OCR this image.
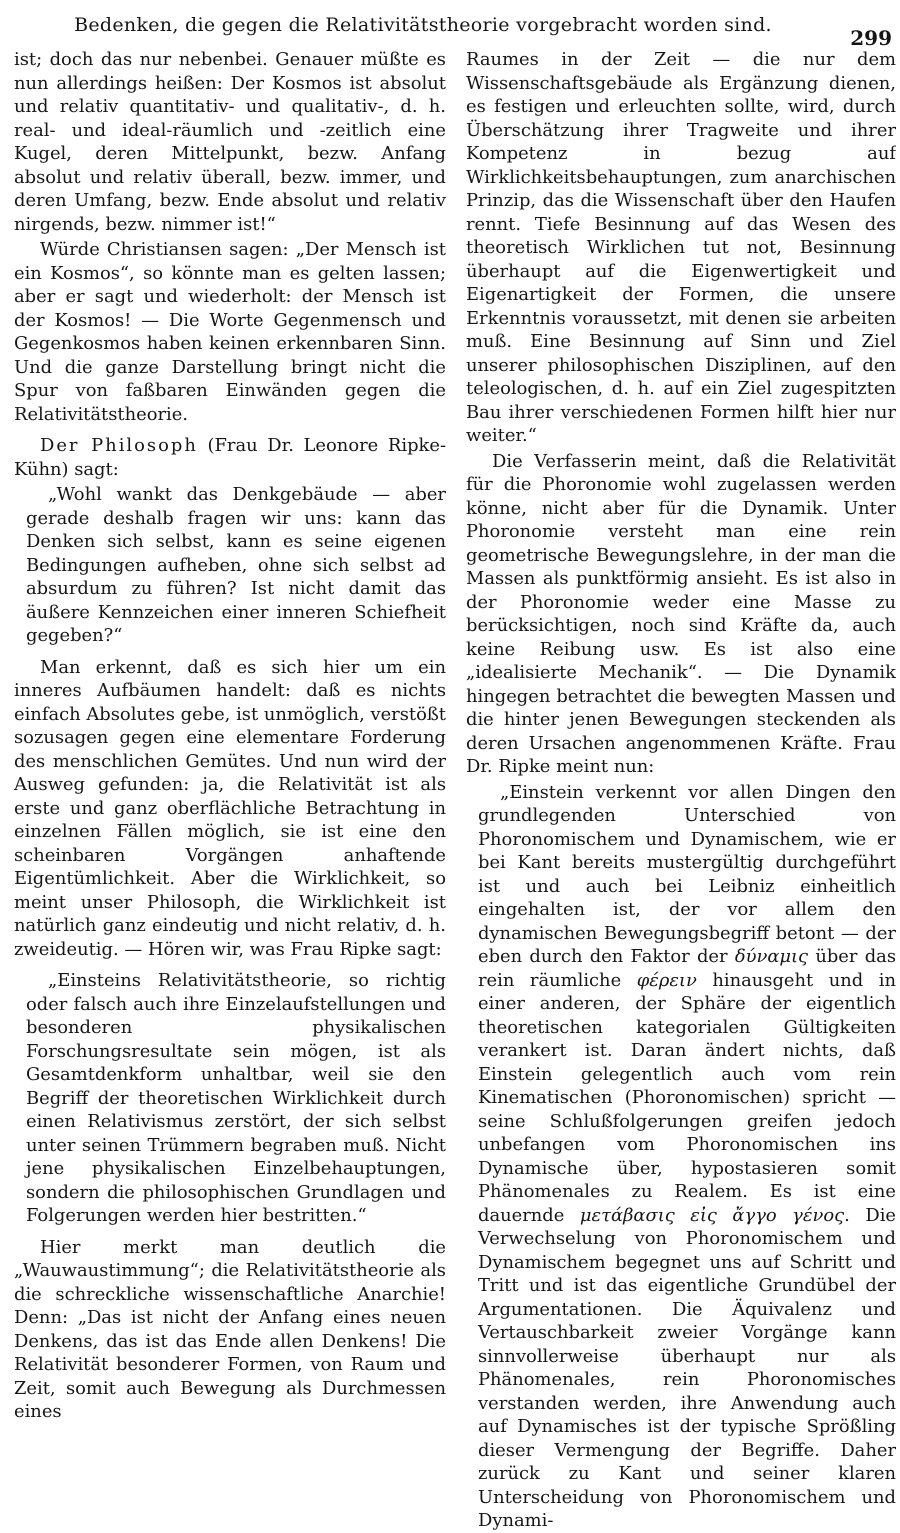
Bedenken, die gegen die Relativitätstheorie vorgebracht worden sind.
299

ist; doch das nur nebenbei. Genauer müßte es nun allerdings heißen: Der Kosmos ist absolut und relativ quantitativ- und qualitativ-, d. h. real- und ideal-räumlich und -zeitlich eine Kugel, deren Mittelpunkt, bezw. Anfang absolut und relativ überall, bezw. immer, und deren Umfang, bezw. Ende absolut und relativ nirgends, bezw. nimmer ist!“

Würde Christiansen sagen: „Der Mensch ist ein Kosmos“, so könnte man es gelten lassen; aber er sagt und wiederholt: der Mensch ist der Kosmos! — Die Worte Gegenmensch und Gegenkosmos haben keinen erkennbaren Sinn. Und die ganze Darstellung bringt nicht die Spur von faßbaren Einwänden gegen die Relativitätstheorie.

Der Philosoph (Frau Dr. Leonore Ripke-Kühn) sagt:

„Wohl wankt das Denkgebäude — aber gerade deshalb fragen wir uns: kann das Denken sich selbst, kann es seine eigenen Bedingungen aufheben, ohne sich selbst ad absurdum zu führen? Ist nicht damit das äußere Kennzeichen einer inneren Schiefheit gegeben?“

Man erkennt, daß es sich hier um ein inneres Aufbäumen handelt: daß es nichts einfach Absolutes gebe, ist unmöglich, verstößt sozusagen gegen eine elementare Forderung des menschlichen Gemütes. Und nun wird der Ausweg gefunden: ja, die Relativität ist als erste und ganz oberflächliche Betrachtung in einzelnen Fällen möglich, sie ist eine den scheinbaren Vorgängen anhaftende Eigentümlichkeit. Aber die Wirklichkeit, so meint unser Philosoph, die Wirklichkeit ist natürlich ganz eindeutig und nicht relativ, d. h. zweideutig. — Hören wir, was Frau Ripke sagt:

„Einsteins Relativitätstheorie, so richtig oder falsch auch ihre Einzelaufstellungen und besonderen physikalischen Forschungsresultate sein mögen, ist als Gesamtdenkform unhaltbar, weil sie den Begriff der theoretischen Wirklichkeit durch einen Relativismus zerstört, der sich selbst unter seinen Trümmern begraben muß. Nicht jene physikalischen Einzelbehauptungen, sondern die philosophischen Grundlagen und Folgerungen werden hier bestritten.“

Hier merkt man deutlich die „Wauwaustimmung“; die Relativitätstheorie als die schreckliche wissenschaftliche Anarchie! Denn: „Das ist nicht der Anfang eines neuen Denkens, das ist das Ende allen Denkens! Die Relativität besonderer Formen, von Raum und Zeit, somit auch Bewegung als Durchmessen eines

Raumes in der Zeit — die nur dem Wissenschaftsgebäude als Ergänzung dienen, es festigen und erleuchten sollte, wird, durch Überschätzung ihrer Tragweite und ihrer Kompetenz in bezug auf Wirklichkeitsbehauptungen, zum anarchischen Prinzip, das die Wissenschaft über den Haufen rennt. Tiefe Besinnung auf das Wesen des theoretisch Wirklichen tut not, Besinnung überhaupt auf die Eigenwertigkeit und Eigenartigkeit der Formen, die unsere Erkenntnis voraussetzt, mit denen sie arbeiten muß. Eine Besinnung auf Sinn und Ziel unserer philosophischen Disziplinen, auf den teleologischen, d. h. auf ein Ziel zugespitzten Bau ihrer verschiedenen Formen hilft hier nur weiter.“

Die Verfasserin meint, daß die Relativität für die Phoronomie wohl zugelassen werden könne, nicht aber für die Dynamik. Unter Phoronomie versteht man eine rein geometrische Bewegungslehre, in der man die Massen als punktförmig ansieht. Es ist also in der Phoronomie weder eine Masse zu berücksichtigen, noch sind Kräfte da, auch keine Reibung usw. Es ist also eine „idealisierte Mechanik“. — Die Dynamik hingegen betrachtet die bewegten Massen und die hinter jenen Bewegungen steckenden als deren Ursachen angenommenen Kräfte. Frau Dr. Ripke meint nun:

„Einstein verkennt vor allen Dingen den grundlegenden Unterschied von Phoronomischem und Dynamischem, wie er bei Kant bereits mustergültig durchgeführt ist und auch bei Leibniz einheitlich eingehalten ist, der vor allem den dynamischen Bewegungsbegriff betont — der eben durch den Faktor der δύναμις über das rein räumliche φέρειν hinausgeht und in einer anderen, der Sphäre der eigentlich theoretischen kategorialen Gültigkeiten verankert ist. Daran ändert nichts, daß Einstein gelegentlich auch vom rein Kinematischen (Phoronomischen) spricht — seine Schlußfolgerungen greifen jedoch unbefangen vom Phoronomischen ins Dynamische über, hypostasieren somit Phänomenales zu Realem. Es ist eine dauernde μετάβασις εἰς ἄγγο γένος. Die Verwechselung von Phoronomischem und Dynamischem begegnet uns auf Schritt und Tritt und ist das eigentliche Grundübel der Argumentationen. Die Äquivalenz und Vertauschbarkeit zweier Vorgänge kann sinnvollerweise überhaupt nur als Phänomenales, rein Phoronomisches verstanden werden, ihre Anwendung auch auf Dynamisches ist der typische Sprößling dieser Vermengung der Begriffe. Daher zurück zu Kant und seiner klaren Unterscheidung von Phoronomischem und Dynami-
